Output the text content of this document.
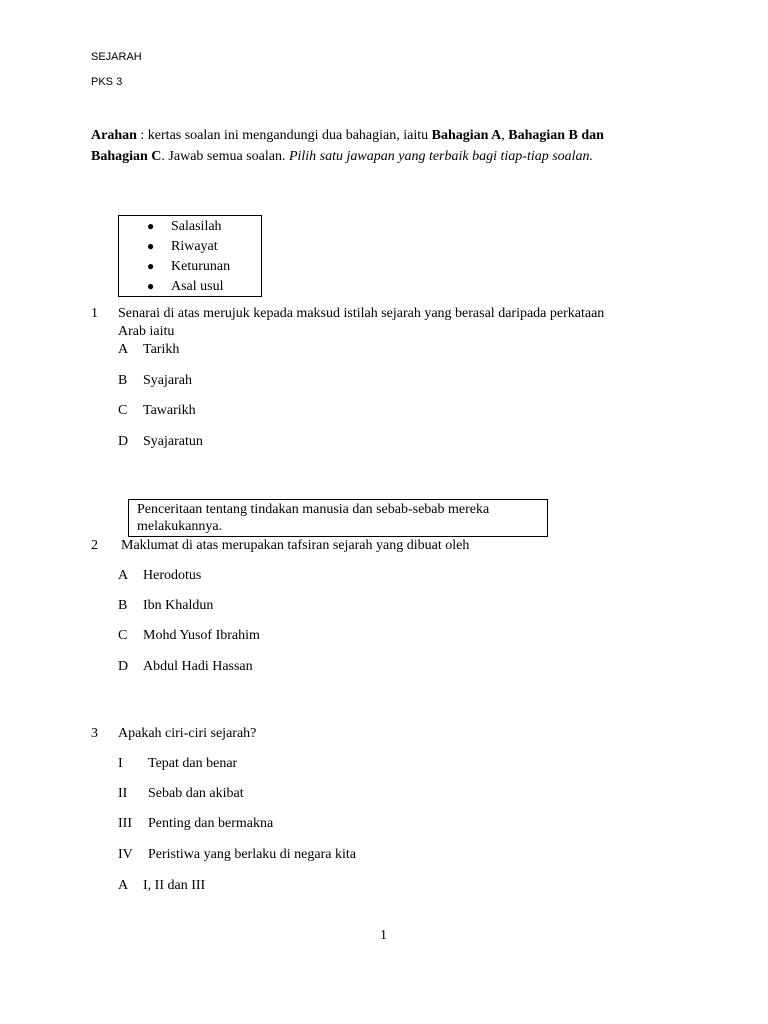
SEJARAH
PKS 3
Arahan : kertas soalan ini mengandungi dua bahagian, iaitu Bahagian A, Bahagian B dan Bahagian C. Jawab semua soalan. Pilih satu jawapan yang terbaik bagi tiap-tiap soalan.
● Salasilah
● Riwayat
● Keturunan
● Asal usul
1 Senarai di atas merujuk kepada maksud istilah sejarah yang berasal daripada perkataan
Arab iaitu
A Tarikh
B Syajarah
C Tawarikh
D Syajaratun
Penceritaan tentang tindakan manusia dan sebab-sebab mereka melakukannya.
2 Maklumat di atas merupakan tafsiran sejarah yang dibuat oleh
A Herodotus
B Ibn Khaldun
C Mohd Yusof Ibrahim
D Abdul Hadi Hassan
3 Apakah ciri-ciri sejarah?
I Tepat dan benar
II Sebab dan akibat
III Penting dan bermakna
IV Peristiwa yang berlaku di negara kita
A I, II dan III
1
